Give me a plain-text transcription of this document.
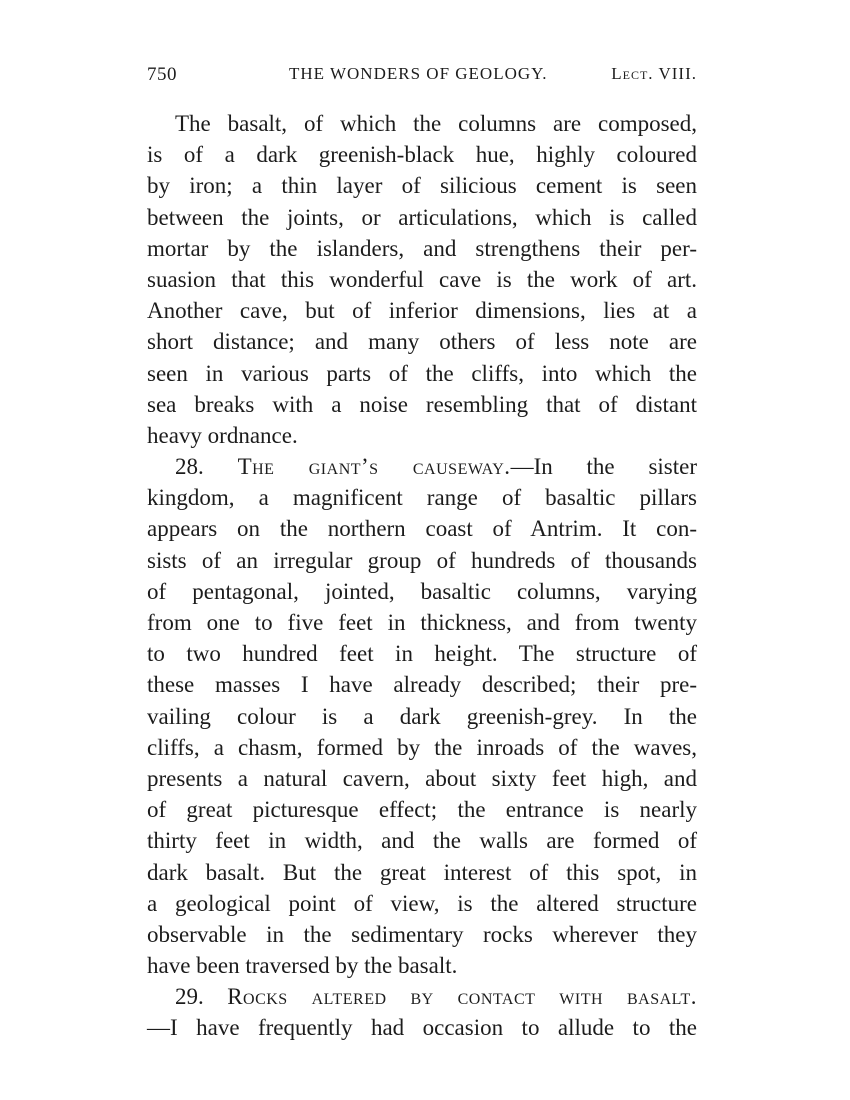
750	THE WONDERS OF GEOLOGY.	Lect. VIII.
The basalt, of which the columns are composed,
is of a dark greenish-black hue, highly coloured
by iron; a thin layer of silicious cement is seen
between the joints, or articulations, which is called
mortar by the islanders, and strengthens their per-
suasion that this wonderful cave is the work of art.
Another cave, but of inferior dimensions, lies at a
short distance; and many others of less note are
seen in various parts of the cliffs, into which the
sea breaks with a noise resembling that of distant
heavy ordnance.
28. The giant’s causeway.—In the sister
kingdom, a magnificent range of basaltic pillars
appears on the northern coast of Antrim. It con-
sists of an irregular group of hundreds of thousands
of pentagonal, jointed, basaltic columns, varying
from one to five feet in thickness, and from twenty
to two hundred feet in height. The structure of
these masses I have already described; their pre-
vailing colour is a dark greenish-grey. In the
cliffs, a chasm, formed by the inroads of the waves,
presents a natural cavern, about sixty feet high, and
of great picturesque effect; the entrance is nearly
thirty feet in width, and the walls are formed of
dark basalt. But the great interest of this spot, in
a geological point of view, is the altered structure
observable in the sedimentary rocks wherever they
have been traversed by the basalt.
29. Rocks altered by contact with basalt.
—I have frequently had occasion to allude to the
